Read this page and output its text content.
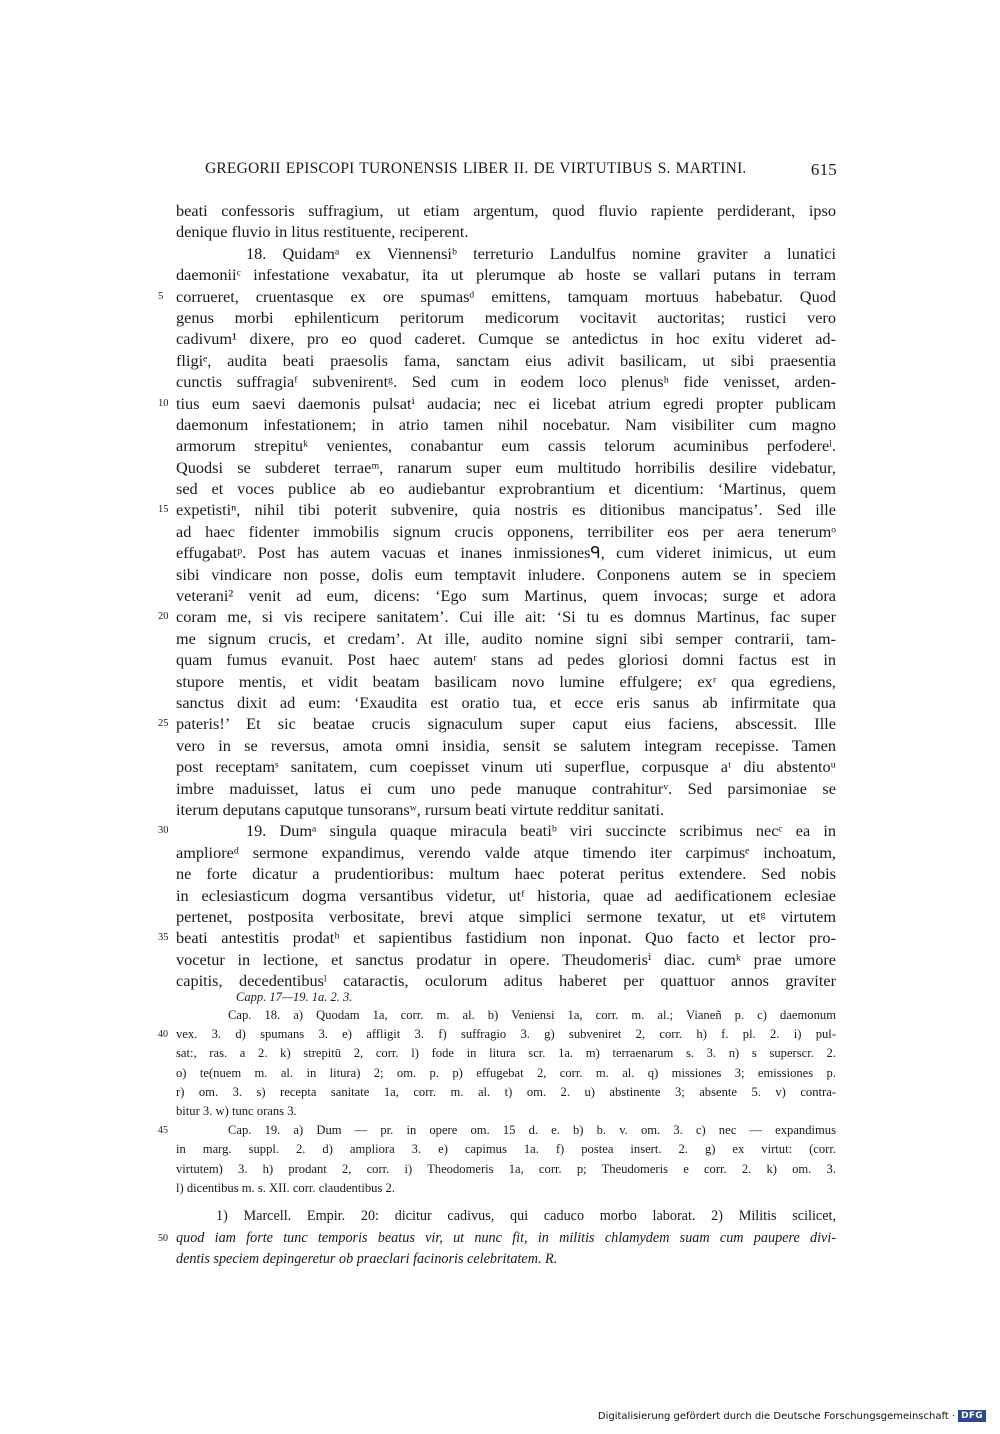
GREGORII EPISCOPI TURONENSIS LIBER II. DE VIRTUTIBUS S. MARTINI.	615
beati confessoris suffragium, ut etiam argentum, quod fluvio rapiente perdiderant, ipso
denique fluvio in litus restituente, reciperent.
18. Quidamᵃ ex Viennensiᵇ terreturio Landulfus nomine graviter a lunatici
daemoniiᶜ infestatione vexabatur, ita ut plerumque ab hoste se vallari putans in terram
corrueret, cruentasque ex ore spumasᵈ emittens, tamquam mortuus habebatur. Quod
5
genus morbi ephilenticum peritorum medicorum vocitavit auctoritas; rustici vero
cadivum¹ dixere, pro eo quod caderet. Cumque se antedictus in hoc exitu videret ad-
fligiᵉ, audita beati praesolis fama, sanctam eius adivit basilicam, ut sibi praesentia
cunctis suffragiaᶠ subvenirentᵍ. Sed cum in eodem loco plenusʰ fide venisset, arden-
tius eum saevi daemonis pulsatⁱ audacia; nec ei licebat atrium egredi propter publicam
10
daemonum infestationem; in atrio tamen nihil nocebatur. Nam visibiliter cum magno
armorum strepituᵏ venientes, conabantur eum cassis telorum acuminibus perfodereˡ.
Quodsi se subderet terraeᵐ, ranarum super eum multitudo horribilis desilire videbatur,
sed et voces publice ab eo audiebantur exprobrantium et dicentium: ‘Martinus, quem
expetistiⁿ, nihil tibi poterit subvenire, quia nostris es ditionibus mancipatus’. Sed ille
15
ad haec fidenter immobilis signum crucis opponens, terribiliter eos per aera tenerumᵒ
effugabatᵖ. Post has autem vacuas et inanes inmissionesᑫ, cum videret inimicus, ut eum
sibi vindicare non posse, dolis eum temptavit inludere. Conponens autem se in speciem
veterani² venit ad eum, dicens: ‘Ego sum Martinus, quem invocas; surge et adora
coram me, si vis recipere sanitatem’. Cui ille ait: ‘Si tu es domnus Martinus, fac super
20
me signum crucis, et credam’. At ille, audito nomine signi sibi semper contrarii, tam-
quam fumus evanuit. Post haec autemʳ stans ad pedes gloriosi domni factus est in
stupore mentis, et vidit beatam basilicam novo lumine effulgere; exʳ qua egrediens,
sanctus dixit ad eum: ‘Exaudita est oratio tua, et ecce eris sanus ab infirmitate qua
pateris!’ Et sic beatae crucis signaculum super caput eius faciens, abscessit. Ille
25
vero in se reversus, amota omni insidia, sensit se salutem integram recepisse. Tamen
post receptamˢ sanitatem, cum coepisset vinum uti superflue, corpusque aᵗ diu abstentoᵘ
imbre maduisset, latus ei cum uno pede manuque contrahiturᵛ. Sed parsimoniae se
iterum deputans caputque tunsoransʷ, rursum beati virtute redditur sanitati.
19. Dumᵃ singula quaque miracula beatiᵇ viri succincte scribimus necᶜ ea in
30
amplioreᵈ sermone expandimus, verendo valde atque timendo iter carpimusᵉ inchoatum,
ne forte dicatur a prudentioribus: multum haec poterat peritus extendere. Sed nobis
in eclesiasticum dogma versantibus videtur, utᶠ historia, quae ad aedificationem eclesiae
pertenet, postposita verbositate, brevi atque simplici sermone texatur, ut etᵍ virtutem
beati antestitis prodatʰ et sapientibus fastidium non inponat. Quo facto et lector pro-
35
vocetur in lectione, et sanctus prodatur in opere. Theudomerisⁱ diac. cumᵏ prae umore
capitis, decedentibusˡ cataractis, oculorum aditus haberet per quattuor annos graviter
Capp. 17—19. 1a. 2. 3.
Cap. 18. a) Quodam 1a, corr. m. al. b) Veniensi 1a, corr. m. al.; Vianeñ p. c) daemonum
vex. 3. d) spumans 3. e) affligit 3. f) suffragio 3. g) subveniret 2, corr. h) f. pl. 2. i) pul-
40
sat:, ras. a 2. k) strepitū 2, corr. l) fode in litura scr. 1a. m) terraenarum s. 3. n) s superscr. 2.
o) te(nuem m. al. in litura) 2; om. p. p) effugebat 2, corr. m. al. q) missiones 3; emissiones p.
r) om. 3. s) recepta sanitate 1a, corr. m. al. t) om. 2. u) abstinente 3; absente 5. v) contra-
bitur 3. w) tunc orans 3.
Cap. 19. a) Dum — pr. in opere om. 15 d. e. b) b. v. om. 3. c) nec — expandimus
45
in marg. suppl. 2. d) ampliora 3. e) capimus 1a. f) postea insert. 2. g) ex virtut: (corr.
virtutem) 3. h) prodant 2, corr. i) Theodomeris 1a, corr. p; Theudomeris e corr. 2. k) om. 3.
l) dicentibus m. s. XII. corr. claudentibus 2.
1) Marcell. Empir. 20: dicitur cadivus, qui caduco morbo laborat. 2) Militis scilicet,
quod iam forte tunc temporis beatus vir, ut nunc fit, in militis chlamydem suam cum paupere divi-
50
dentis speciem depingeretur ob praeclari facinoris celebritatem. R.
Digitalisierung gefördert durch die Deutsche Forschungsgemeinschaft · DFG
